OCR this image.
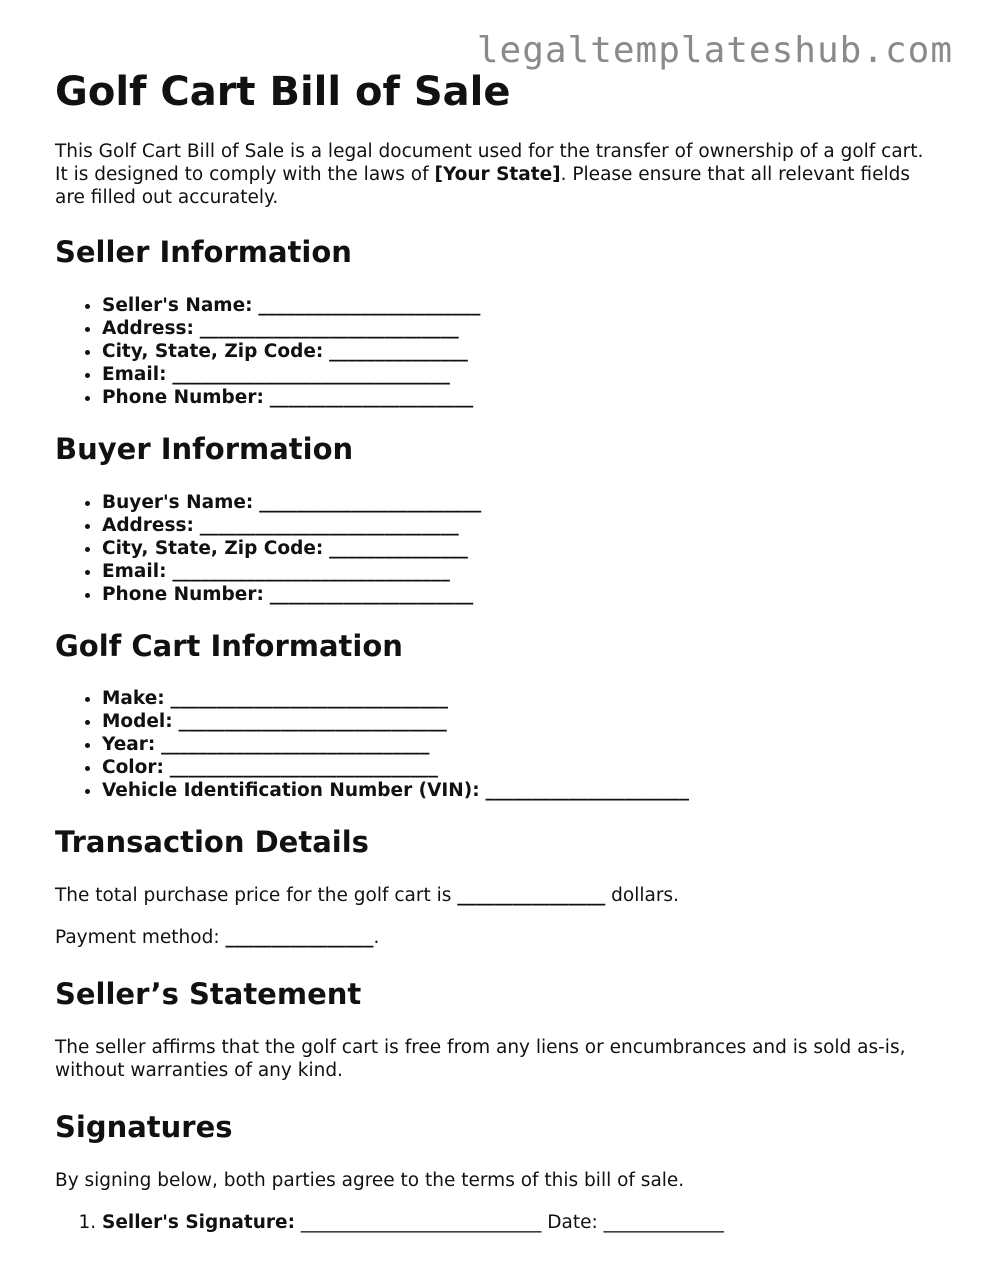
legaltemplateshub.com
Golf Cart Bill of Sale

This Golf Cart Bill of Sale is a legal document used for the transfer of ownership of a golf cart. It is designed to comply with the laws of [Your State]. Please ensure that all relevant fields are filled out accurately.

Seller Information
• Seller's Name: ________________________
• Address: ____________________________
• City, State, Zip Code: _______________
• Email: ______________________________
• Phone Number: ______________________
Buyer Information
• Buyer's Name: ________________________
• Address: ____________________________
• City, State, Zip Code: _______________
• Email: ______________________________
• Phone Number: ______________________
Golf Cart Information
• Make: ______________________________
• Model: _____________________________
• Year: _____________________________
• Color: _____________________________
• Vehicle Identification Number (VIN): ______________________
Transaction Details

The total purchase price for the golf cart is ________________ dollars.

Payment method: ________________.

Seller’s Statement

The seller affirms that the golf cart is free from any liens or encumbrances and is sold as-is, without warranties of any kind.

Signatures

By signing below, both parties agree to the terms of this bill of sale.

1. Seller's Signature: __________________________ Date: _____________
